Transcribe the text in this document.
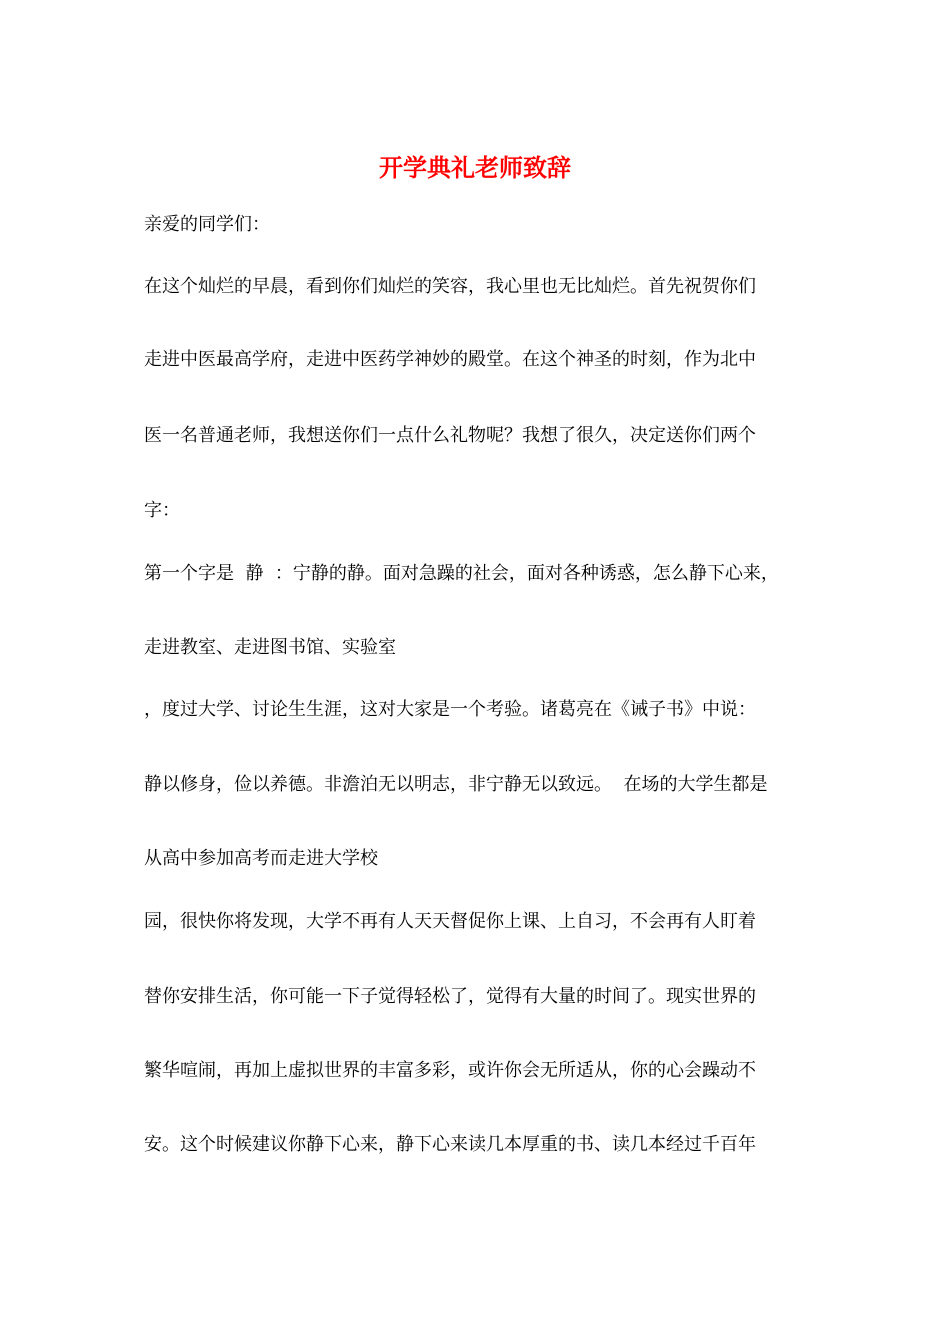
开学典礼老师致辞

亲爱的同学们：

在这个灿烂的早晨，看到你们灿烂的笑容，我心里也无比灿烂。首先祝贺你们

走进中医最高学府，走进中医药学神妙的殿堂。在这个神圣的时刻，作为北中

医一名普通老师，我想送你们一点什么礼物呢？我想了很久，决定送你们两个

字：

第一个字是  静  ：宁静的静。面对急躁的社会，面对各种诱惑，怎么静下心来，

走进教室、走进图书馆、实验室

，度过大学、讨论生生涯，这对大家是一个考验。诸葛亮在《诫子书》中说：

静以修身，俭以养德。非澹泊无以明志，非宁静无以致远。  在场的大学生都是

从高中参加高考而走进大学校

园，很快你将发现，大学不再有人天天督促你上课、上自习，不会再有人盯着

替你安排生活，你可能一下子觉得轻松了，觉得有大量的时间了。现实世界的

繁华喧闹，再加上虚拟世界的丰富多彩，或许你会无所适从，你的心会躁动不

安。这个时候建议你静下心来，静下心来读几本厚重的书、读几本经过千百年
